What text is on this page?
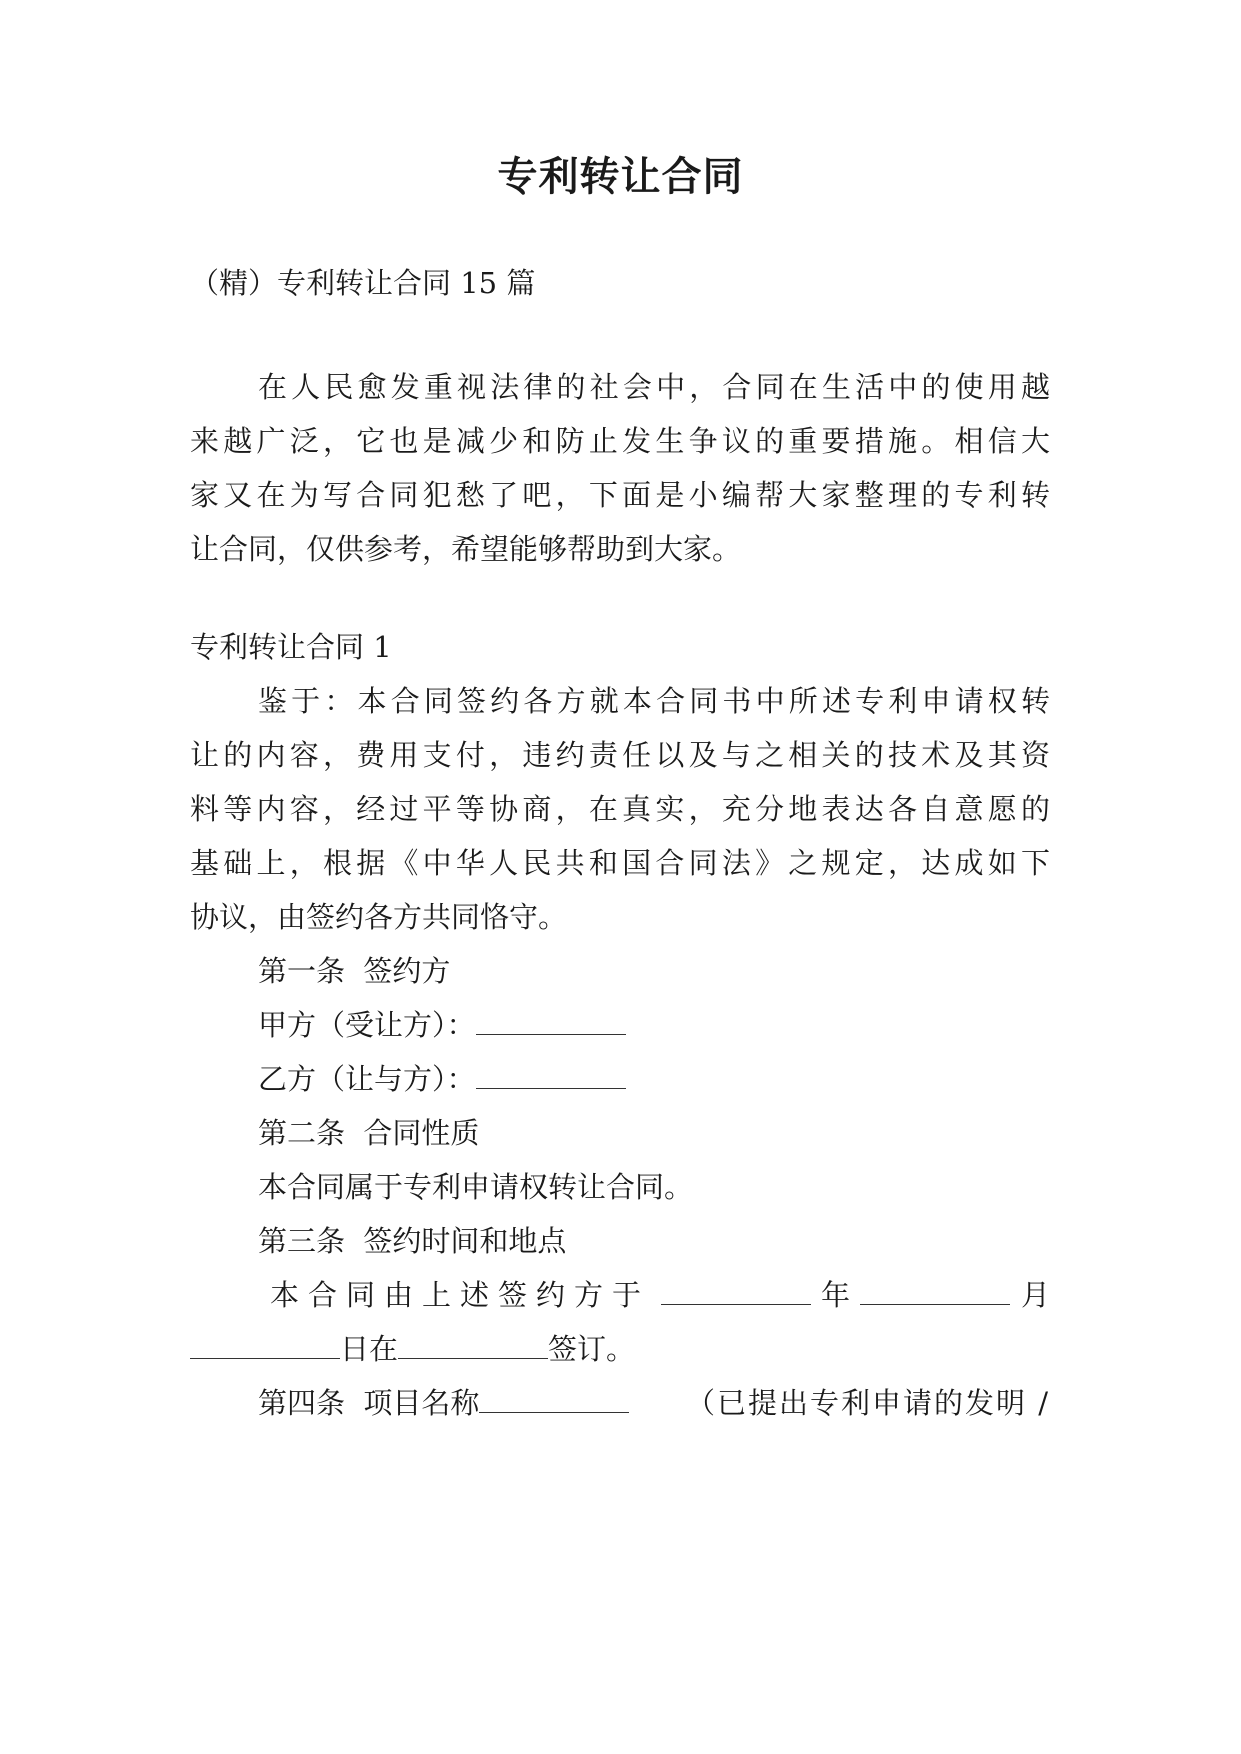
专利转让合同
（精）专利转让合同 15 篇
在人民愈发重视法律的社会中，合同在生活中的使用越
来越广泛，它也是减少和防止发生争议的重要措施。相信大
家又在为写合同犯愁了吧，下面是小编帮大家整理的专利转
让合同，仅供参考，希望能够帮助到大家。
专利转让合同 1
鉴于：本合同签约各方就本合同书中所述专利申请权转
让的内容，费用支付，违约责任以及与之相关的技术及其资
料等内容，经过平等协商，在真实，充分地表达各自意愿的
基础上，根据《中华人民共和国合同法》之规定，达成如下
协议，由签约各方共同恪守。
第一条  签约方
甲方（受让方）：
乙方（让与方）：
第二条  合同性质
本合同属于专利申请权转让合同。
第三条  签约时间和地点
本合同由上述签约方于	年	月
日在	签订。
第四条  项目名称	（已提出专利申请的发明 /
